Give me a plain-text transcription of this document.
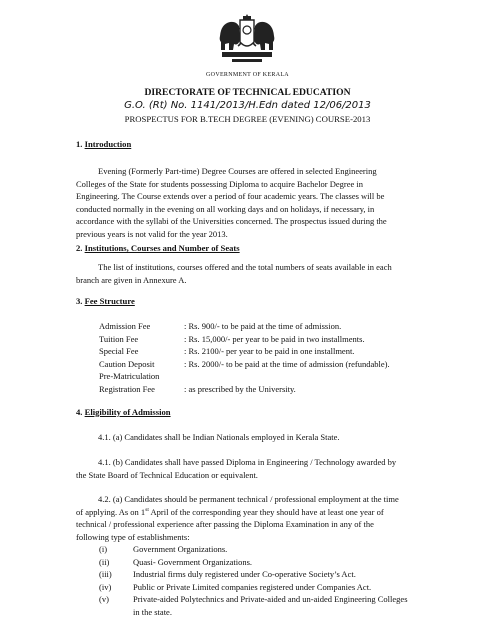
GOVERNMENT OF KERALA
DIRECTORATE OF TECHNICAL EDUCATION
G.O. (Rt) No. 1141/2013/H.Edn dated 12/06/2013
PROSPECTUS FOR B.TECH DEGREE (EVENING) COURSE-2013
1. Introduction
Evening (Formerly Part-time) Degree Courses are offered in selected Engineering
Colleges of the State for students possessing Diploma to acquire Bachelor Degree in
Engineering. The Course extends over a period of four academic years. The classes will be
conducted normally in the evening on all working days and on holidays, if necessary, in
accordance with the syllabi of the Universities concerned. The prospectus issued during the
previous years is not valid for the year 2013.
2. Institutions, Courses and Number of Seats
The list of institutions, courses offered and the total numbers of seats available in each
branch are given in Annexure A.
3. Fee Structure
Admission Fee	: Rs. 900/- to be paid at the time of admission.
Tuition Fee	: Rs. 15,000/- per year to be paid in two installments.
Special Fee	: Rs. 2100/- per year to be paid in one installment.
Caution Deposit	: Rs. 2000/- to be paid at the time of admission (refundable).
Pre-Matriculation
Registration Fee	: as prescribed by the University.
4. Eligibility of Admission
4.1. (a) Candidates shall be Indian Nationals employed in Kerala State.
4.1. (b) Candidates shall have passed Diploma in Engineering / Technology awarded by
the State Board of Technical Education or equivalent.
4.2. (a) Candidates should be permanent technical / professional employment at the time
of applying. As on 1st April of the corresponding year they should have at least one year of
technical / professional experience after passing the Diploma Examination in any of the
following type of establishments:
(i)	Government Organizations.
(ii)	Quasi- Government Organizations.
(iii)	Industrial firms duly registered under Co-operative Society’s Act.
(iv)	Public or Private Limited companies registered under Companies Act.
(v)	Private-aided Polytechnics and Private-aided and un-aided Engineering Colleges
in the state.
